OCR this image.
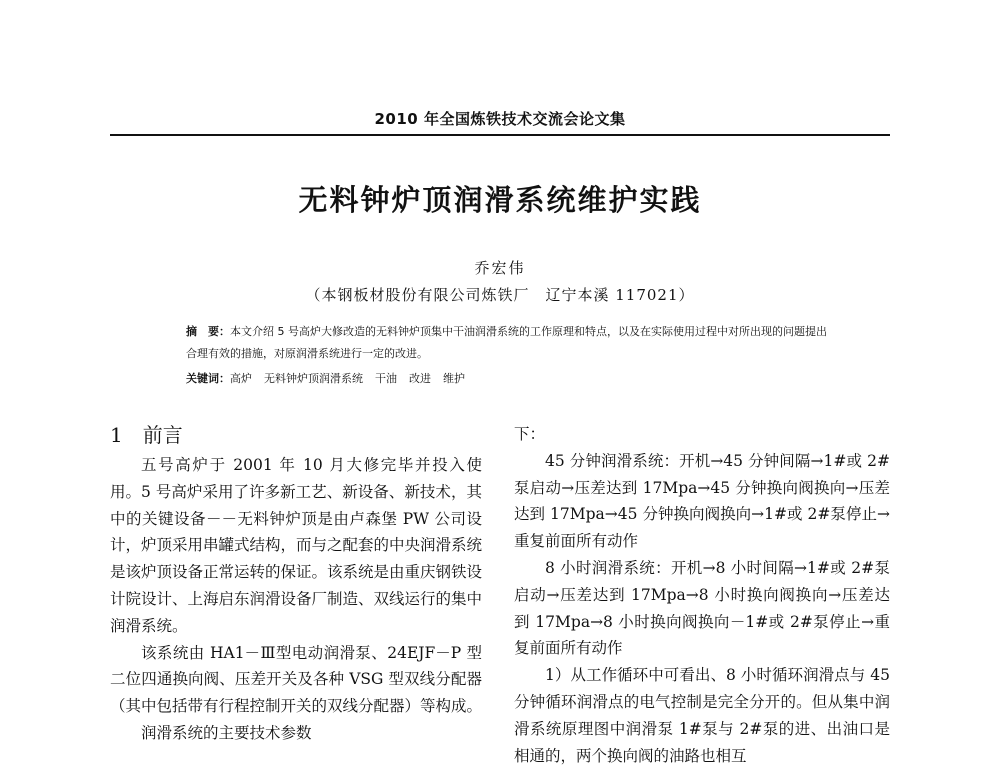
2010 年全国炼铁技术交流会论文集
无料钟炉顶润滑系统维护实践
乔宏伟
（本钢板材股份有限公司炼铁厂　辽宁本溪 117021）
摘　要：本文介绍 5 号高炉大修改造的无料钟炉顶集中干油润滑系统的工作原理和特点，以及在实际使用过程中对所出现的问题提出合理有效的措施，对原润滑系统进行一定的改进。
关键词：高炉 无料钟炉顶润滑系统 干油 改进 维护
1 前言

五号高炉于 2001 年 10 月大修完毕并投入使用。5 号高炉采用了许多新工艺、新设备、新技术，其中的关键设备－－无料钟炉顶是由卢森堡 PW 公司设计，炉顶采用串罐式结构，而与之配套的中央润滑系统是该炉顶设备正常运转的保证。该系统是由重庆钢铁设计院设计、上海启东润滑设备厂制造、双线运行的集中润滑系统。

该系统由 HA1－Ⅲ型电动润滑泵、24EJF－P 型二位四通换向阀、压差开关及各种 VSG 型双线分配器（其中包括带有行程控制开关的双线分配器）等构成。

润滑系统的主要技术参数

下：

45 分钟润滑系统：开机→45 分钟间隔→1#或 2#泵启动→压差达到 17Mpa→45 分钟换向阀换向→压差达到 17Mpa→45 分钟换向阀换向→1#或 2#泵停止→重复前面所有动作

8 小时润滑系统：开机→8 小时间隔→1#或 2#泵启动→压差达到 17Mpa→8 小时换向阀换向→压差达到 17Mpa→8 小时换向阀换向－1#或 2#泵停止→重复前面所有动作

1）从工作循环中可看出、8 小时循环润滑点与 45 分钟循环润滑点的电气控制是完全分开的。但从集中润滑系统原理图中润滑泵 1#泵与 2#泵的进、出油口是相通的，两个换向阀的油路也相互
